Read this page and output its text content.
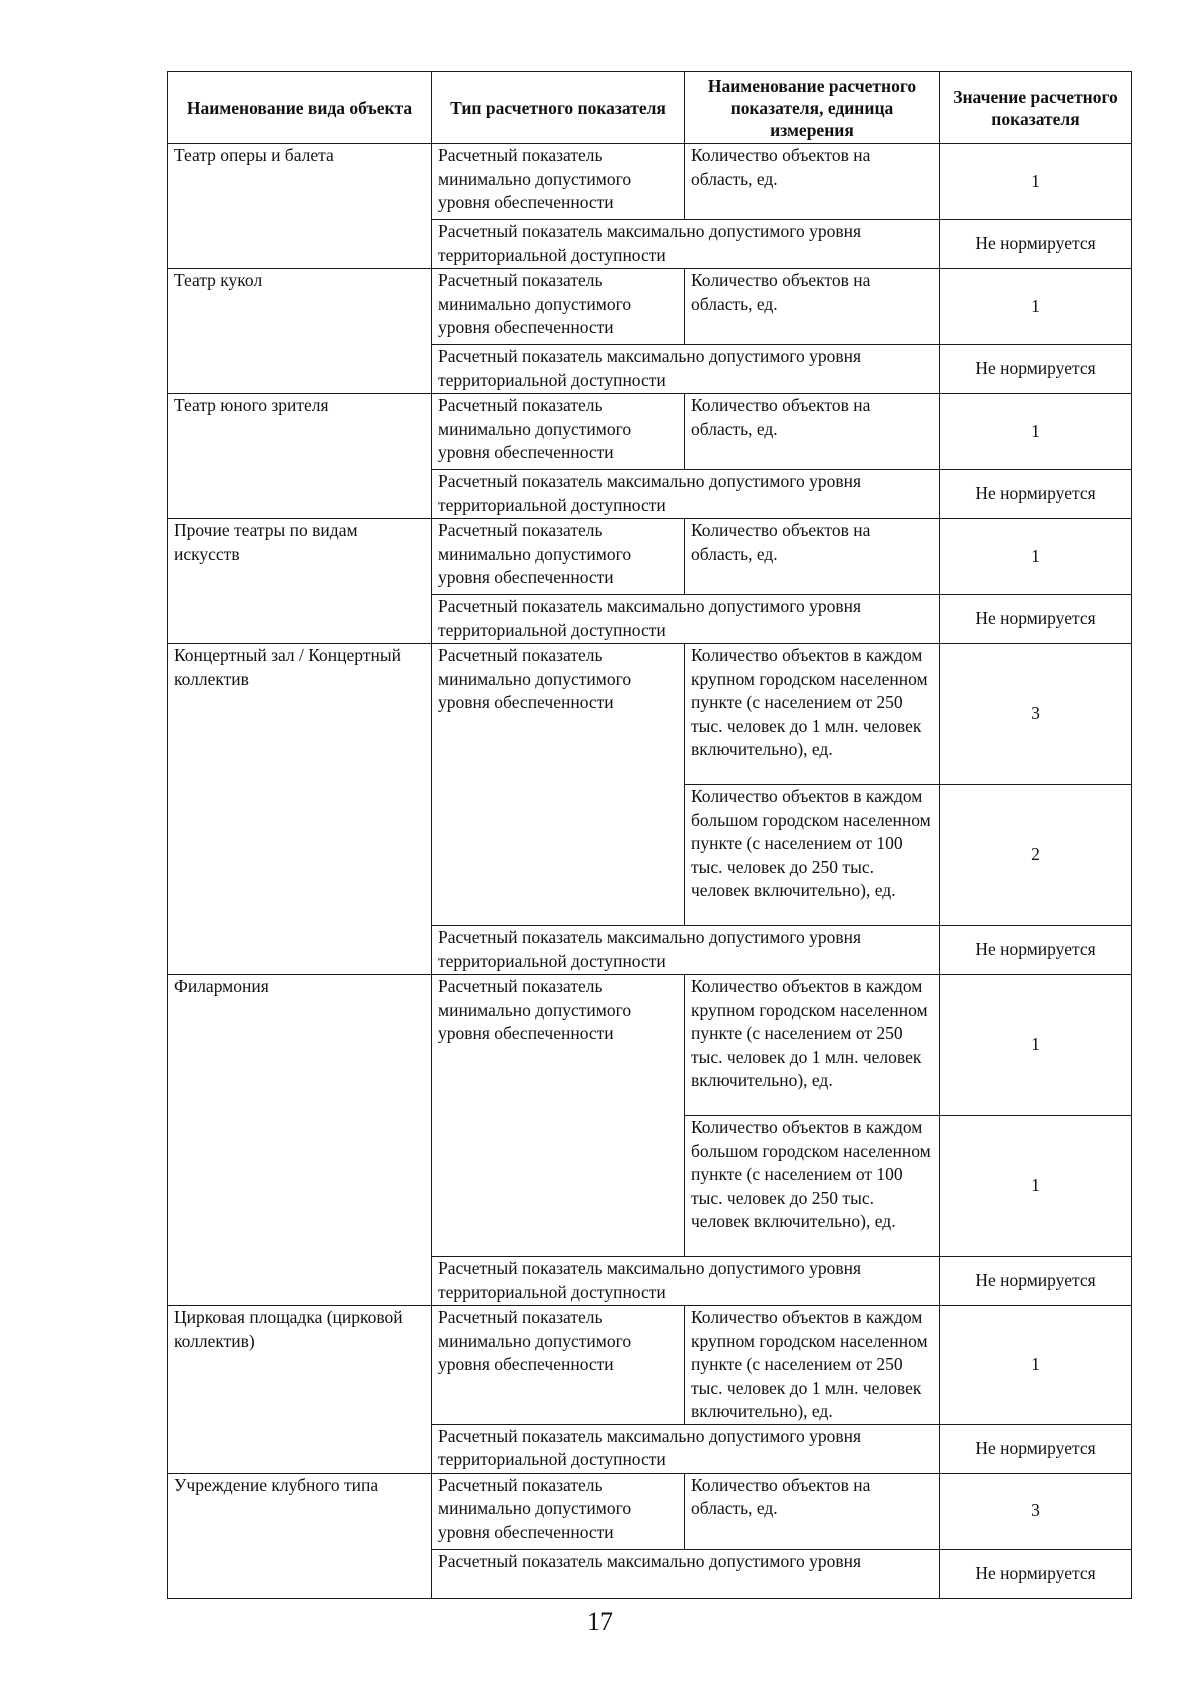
Наименование вида объекта	Тип расчетного показателя	Наименование расчетного показателя, единица измерения	Значение расчетного показателя
Театр оперы и балета	Расчетный показатель минимально допустимого уровня обеспеченности	Количество объектов на область, ед.	1
	Расчетный показатель максимально допустимого уровня территориальной доступности		Не нормируется
Театр кукол	Расчетный показатель минимально допустимого уровня обеспеченности	Количество объектов на область, ед.	1
	Расчетный показатель максимально допустимого уровня территориальной доступности		Не нормируется
Театр юного зрителя	Расчетный показатель минимально допустимого уровня обеспеченности	Количество объектов на область, ед.	1
	Расчетный показатель максимально допустимого уровня территориальной доступности		Не нормируется
Прочие театры по видам искусств	Расчетный показатель минимально допустимого уровня обеспеченности	Количество объектов на область, ед.	1
	Расчетный показатель максимально допустимого уровня территориальной доступности		Не нормируется
Концертный зал / Концертный коллектив	Расчетный показатель минимально допустимого уровня обеспеченности	Количество объектов в каждом крупном городском населенном пункте (с населением от 250 тыс. человек до 1 млн. человек включительно), ед.	3
		Количество объектов в каждом большом городском населенном пункте (с населением от 100 тыс. человек до 250 тыс. человек включительно), ед.	2
	Расчетный показатель максимально допустимого уровня территориальной доступности		Не нормируется
Филармония	Расчетный показатель минимально допустимого уровня обеспеченности	Количество объектов в каждом крупном городском населенном пункте (с населением от 250 тыс. человек до 1 млн. человек включительно), ед.	1
		Количество объектов в каждом большом городском населенном пункте (с населением от 100 тыс. человек до 250 тыс. человек включительно), ед.	1
	Расчетный показатель максимально допустимого уровня территориальной доступности		Не нормируется
Цирковая площадка (цирковой коллектив)	Расчетный показатель минимально допустимого уровня обеспеченности	Количество объектов в каждом крупном городском населенном пункте (с населением от 250 тыс. человек до 1 млн. человек включительно), ед.	1
	Расчетный показатель максимально допустимого уровня территориальной доступности		Не нормируется
Учреждение клубного типа	Расчетный показатель минимально допустимого уровня обеспеченности	Количество объектов на область, ед.	3
	Расчетный показатель максимально допустимого уровня		Не нормируется
17
